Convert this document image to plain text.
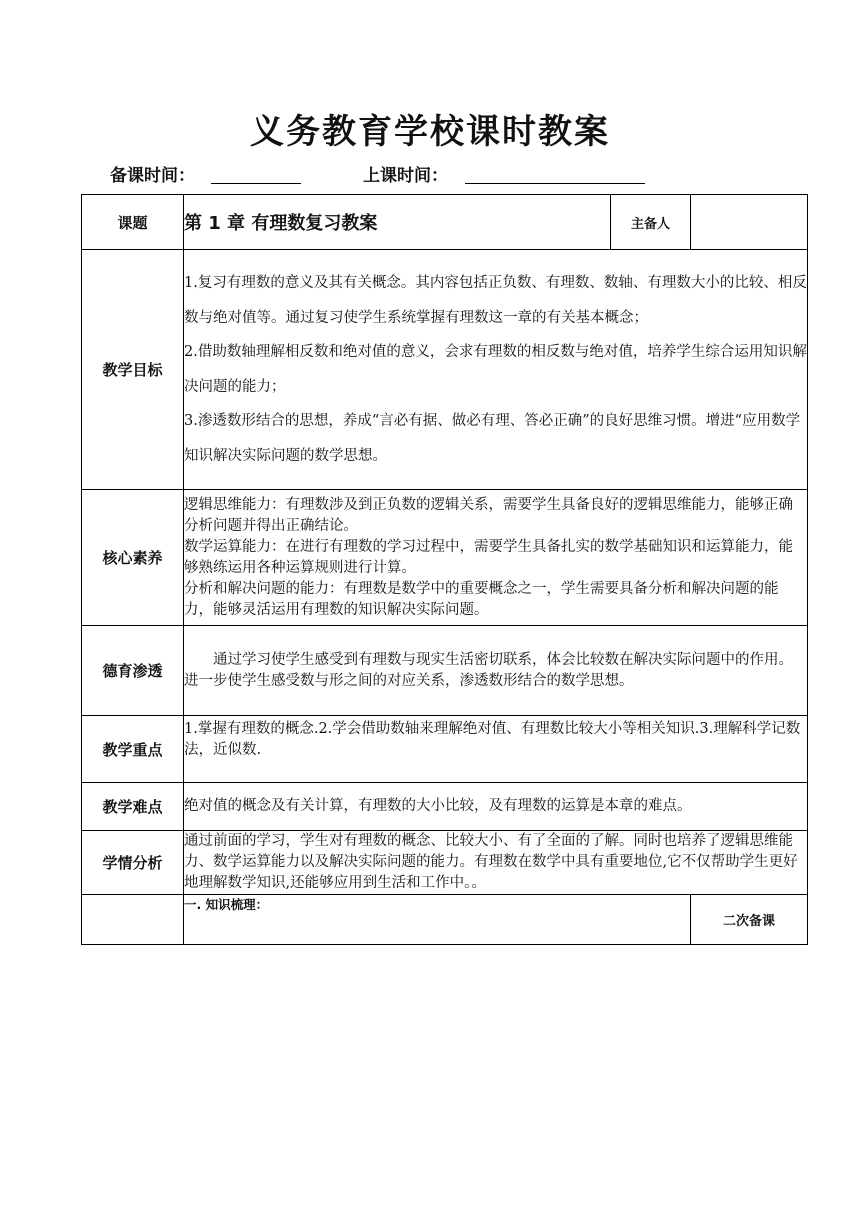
义务教育学校课时教案
备课时间：	上课时间：
课题	第 1 章 有理数复习教案	主备人	
教学目标	1.复习有理数的意义及其有关概念。其内容包括正负数、有理数、数轴、有理数大小的比较、相反数与绝对值等。通过复习使学生系统掌握有理数这一章的有关基本概念；

2.借助数轴理解相反数和绝对值的意义，会求有理数的相反数与绝对值，培养学生综合运用知识解决问题的能力；

3.渗透数形结合的思想，养成“言必有据、做必有理、答必正确”的良好思维习惯。增进“应用数学知识解决实际问题的数学思想。		

核心素养	逻辑思维能力：有理数涉及到正负数的逻辑关系，需要学生具备良好的逻辑思维能力，能够正确分析问题并得出正确结论。

数学运算能力：在进行有理数的学习过程中，需要学生具备扎实的数学基础知识和运算能力，能够熟练运用各种运算规则进行计算。

分析和解决问题的能力：有理数是数学中的重要概念之一，学生需要具备分析和解决问题的能力，能够灵活运用有理数的知识解决实际问题。		

德育渗透	通过学习使学生感受到有理数与现实生活密切联系，体会比较数在解决实际问题中的作用。进一步使学生感受数与形之间的对应关系，渗透数形结合的数学思想。		

教学重点	1.掌握有理数的概念.2.学会借助数轴来理解绝对值、有理数比较大小等相关知识.3.理解科学记数法，近似数.		

教学难点	绝对值的概念及有关计算，有理数的大小比较，及有理数的运算是本章的难点。		

学情分析	通过前面的学习，学生对有理数的概念、比较大小、有了全面的了解。同时也培养了逻辑思维能力、数学运算能力以及解决实际问题的能力。有理数在数学中具有重要地位,它不仅帮助学生更好地理解数学知识,还能够应用到生活和工作中。。		

	一. 知识梳理：		二次备课
